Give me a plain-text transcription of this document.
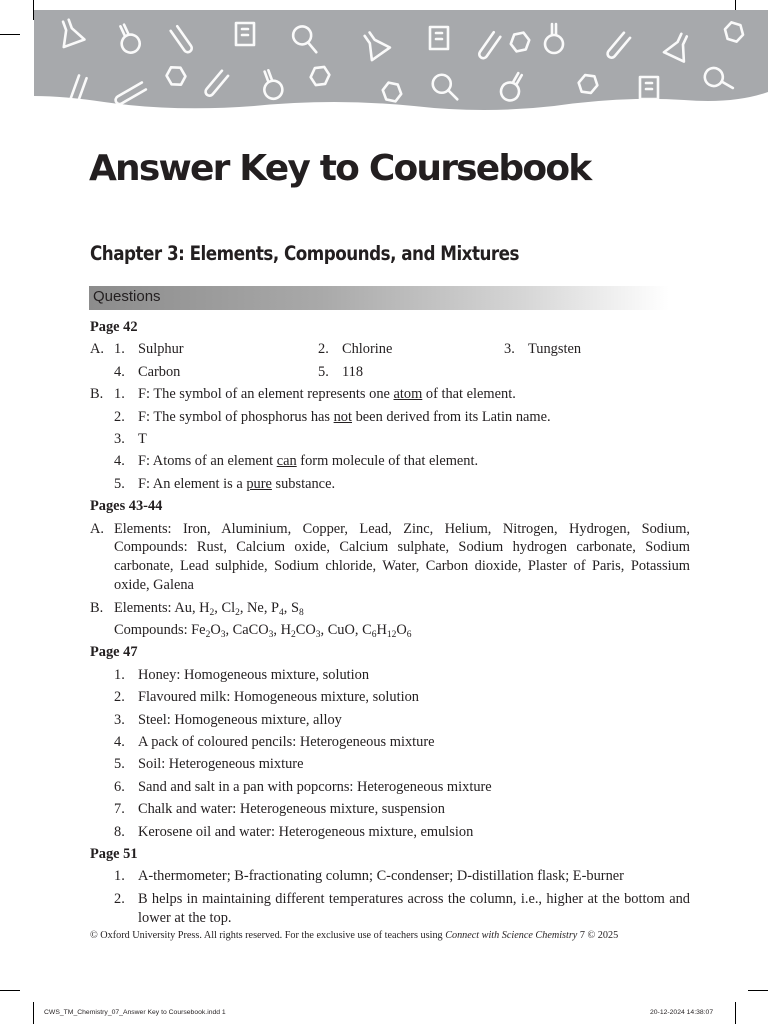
Answer Key to Coursebook
Chapter 3: Elements, Compounds, and Mixtures
Questions
Page 42
A. 1. Sulphur	2. Chlorine	3. Tungsten
4. Carbon	5. 118
B. 1. F: The symbol of an element represents one atom of that element.
2. F: The symbol of phosphorus has not been derived from its Latin name.
3. T
4. F: Atoms of an element can form molecule of that element.
5. F: An element is a pure substance.
Pages 43-44
A. Elements: Iron, Aluminium, Copper, Lead, Zinc, Helium, Nitrogen, Hydrogen, Sodium, Compounds: Rust, Calcium oxide, Calcium sulphate, Sodium hydrogen carbonate, Sodium carbonate, Lead sulphide, Sodium chloride, Water, Carbon dioxide, Plaster of Paris, Potassium oxide, Galena
B. Elements: Au, $H_2$, $Cl_2$, Ne, $P_4$, $S_8$
Compounds: $Fe_2O_3$, CaCO$_3$, $H_2CO_3$, CuO, $C_6H_{12}O_6$
Page 47
1. Honey: Homogeneous mixture, solution
2. Flavoured milk: Homogeneous mixture, solution
3. Steel: Homogeneous mixture, alloy
4. A pack of coloured pencils: Heterogeneous mixture
5. Soil: Heterogeneous mixture
6. Sand and salt in a pan with popcorns: Heterogeneous mixture
7. Chalk and water: Heterogeneous mixture, suspension
8. Kerosene oil and water: Heterogeneous mixture, emulsion
Page 51
1. A-thermometer; B-fractionating column; C-condenser; D-distillation flask; E-burner
2. B helps in maintaining different temperatures across the column, i.e., higher at the bottom and lower at the top.
© Oxford University Press. All rights reserved. For the exclusive use of teachers using Connect with Science Chemistry 7 © 2025
CWS_TM_Chemistry_07_Answer Key to Coursebook.indd 1	20-12-2024 14:38:07
